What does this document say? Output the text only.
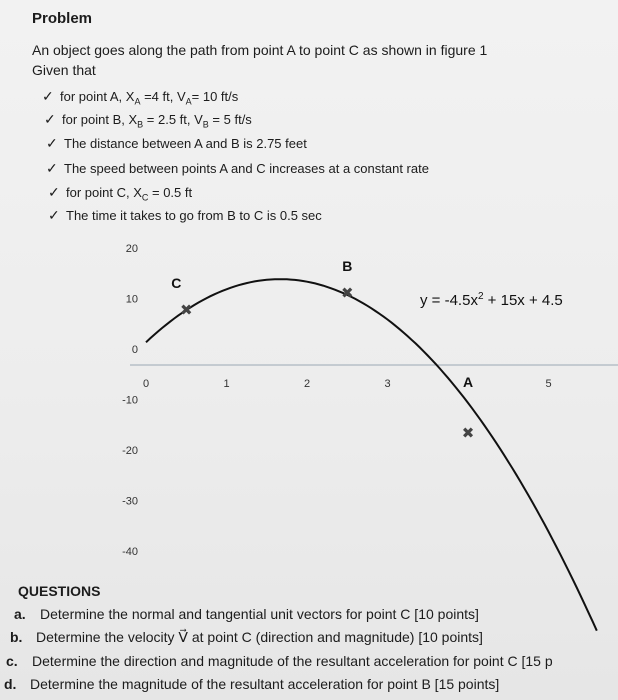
Problem
An object goes along the path from point A to point C as shown in figure 1
Given that
✓ for point A, $X_A =4$ ft, $V_A= 10$ ft/s
✓ for point B, $X_B = 2.5$ ft, $V_B = 5$ ft/s
✓ The distance between A and B is 2.75 feet
✓ The speed between points A and C increases at a constant rate
✓ for point C, $X_C = 0.5$ ft
✓ The time it takes to go from B to C is 0.5 sec
20
10
0
-10
-20
-30
-40
0	1	2	3	5
$y = -4.5x^2 + 15x + 4.5$
✖
C
✖
B
✖
A
QUESTIONS
a. Determine the normal and tangential unit vectors for point C [10 points]
b. Determine the velocity V⃗ at point C (direction and magnitude) [10 points]
c. Determine the direction and magnitude of the resultant acceleration for point C [15 p
d. Determine the magnitude of the resultant acceleration for point B [15 points]
